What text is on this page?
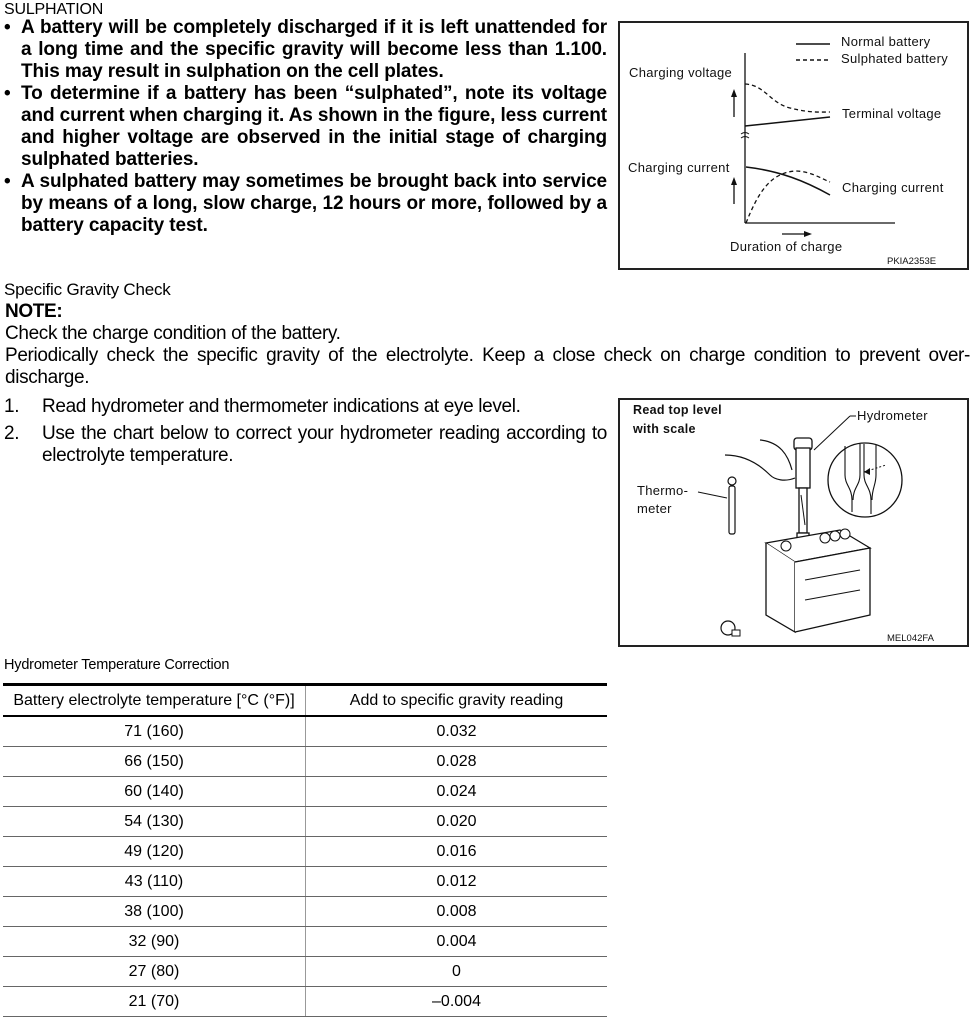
SULPHATION
• A battery will be completely discharged if it is left unattended for a long time and the specific gravity will become less than 1.100. This may result in sulphation on the cell plates.
• To determine if a battery has been “sulphated”, note its voltage and current when charging it. As shown in the figure, less current and higher voltage are observed in the initial stage of charging sulphated batteries.
• A sulphated battery may sometimes be brought back into service by means of a long, slow charge, 12 hours or more, followed by a battery capacity test.
Normal battery
Sulphated battery
Charging voltage
Terminal voltage
Charging current
Charging current
Duration of charge
PKIA2353E
Specific Gravity Check
NOTE:
Check the charge condition of the battery.
Periodically check the specific gravity of the electrolyte. Keep a close check on charge condition to prevent over-discharge.
1. Read hydrometer and thermometer indications at eye level.
2. Use the chart below to correct your hydrometer reading according to electrolyte temperature.
Read top level
with scale
Hydrometer
Thermo-
meter
MEL042FA
Hydrometer Temperature Correction
Battery electrolyte temperature [°C (°F)]	Add to specific gravity reading
71 (160)	0.032
66 (150)	0.028
60 (140)	0.024
54 (130)	0.020
49 (120)	0.016
43 (110)	0.012
38 (100)	0.008
32 (90)	0.004
27 (80)	0
21 (70)	–0.004
